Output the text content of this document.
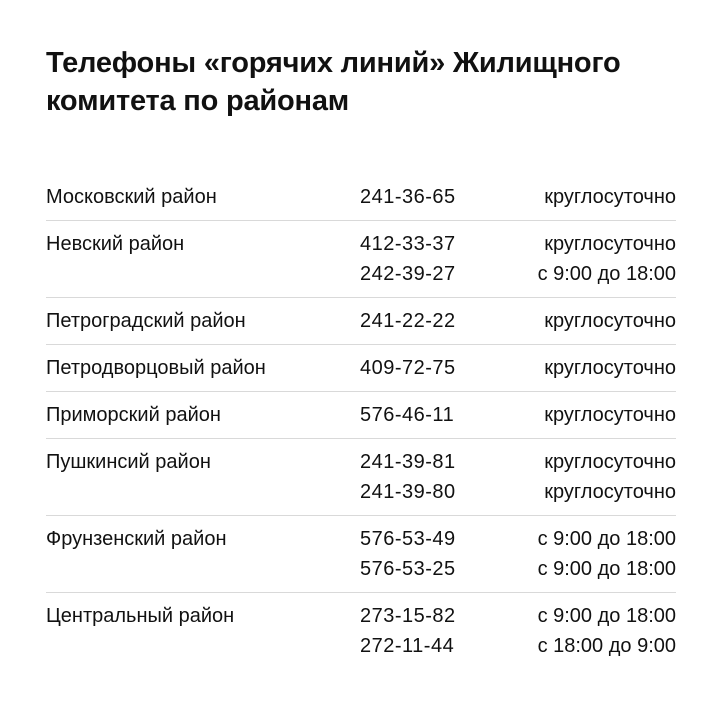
Телефоны «горячих линий» Жилищного комитета по районам
Московский район	241-36-65	круглосуточно
Невский район	412-33-37	круглосуточно
242-39-27	с 9:00 до 18:00
Петроградский район	241-22-22	круглосуточно
Петродворцовый район	409-72-75	круглосуточно
Приморский район	576-46-11	круглосуточно
Пушкинсий район	241-39-81	круглосуточно
241-39-80	круглосуточно
Фрунзенский район	576-53-49	с 9:00 до 18:00
576-53-25	с 9:00 до 18:00
Центральный район	273-15-82	с 9:00 до 18:00
272-11-44	с 18:00 до 9:00
